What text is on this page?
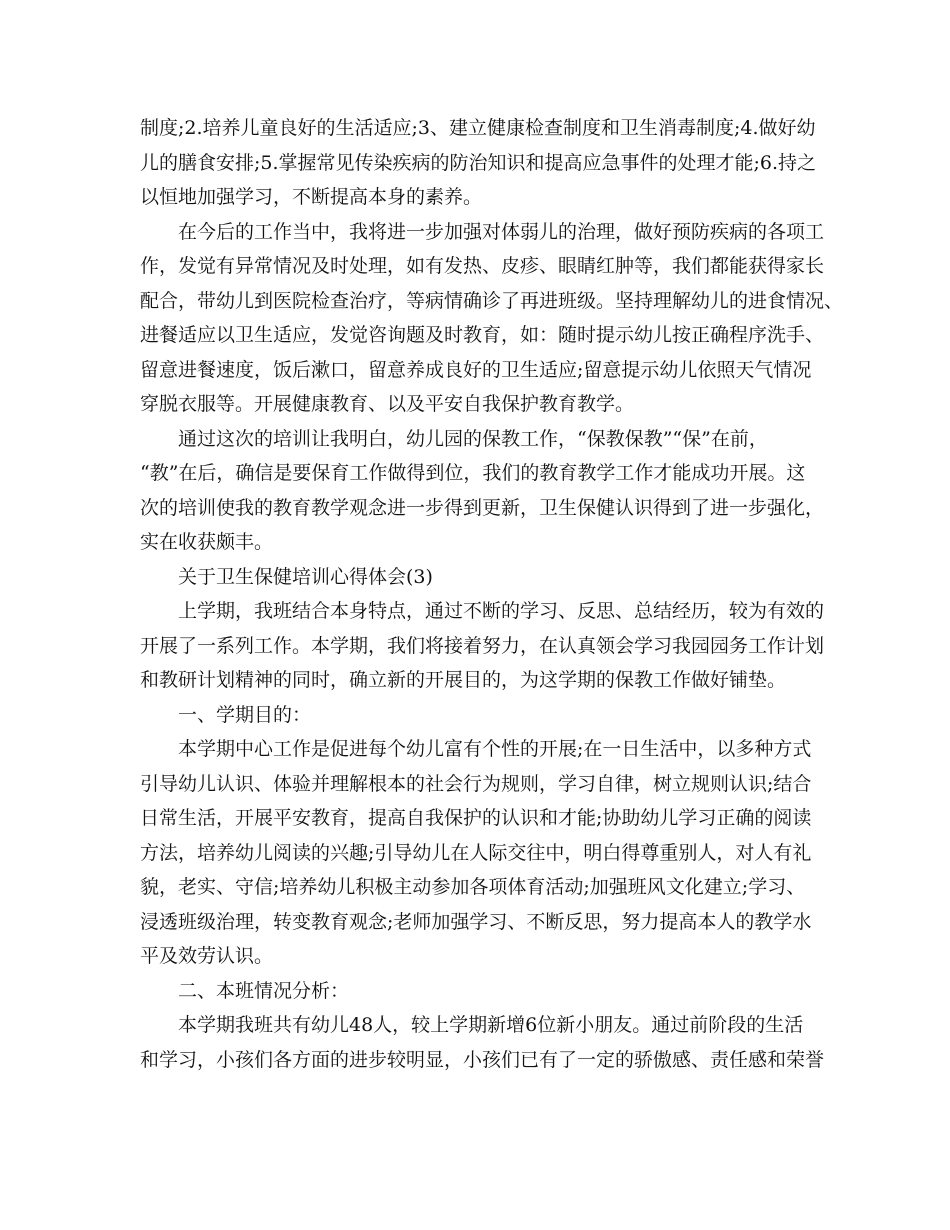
制度;2.培养儿童良好的生活适应;3、建立健康检查制度和卫生消毒制度;4.做好幼
儿的膳食安排;5.掌握常见传染疾病的防治知识和提高应急事件的处理才能;6.持之
以恒地加强学习，不断提高本身的素养。
在今后的工作当中，我将进一步加强对体弱儿的治理，做好预防疾病的各项工
作，发觉有异常情况及时处理，如有发热、皮疹、眼睛红肿等，我们都能获得家长
配合，带幼儿到医院检查治疗，等病情确诊了再进班级。坚持理解幼儿的进食情况、
进餐适应以卫生适应，发觉咨询题及时教育，如：随时提示幼儿按正确程序洗手、
留意进餐速度，饭后漱口，留意养成良好的卫生适应;留意提示幼儿依照天气情况
穿脱衣服等。开展健康教育、以及平安自我保护教育教学。
通过这次的培训让我明白，幼儿园的保教工作，“保教保教”“保”在前，
“教”在后，确信是要保育工作做得到位，我们的教育教学工作才能成功开展。这
次的培训使我的教育教学观念进一步得到更新，卫生保健认识得到了进一步强化，
实在收获颇丰。
关于卫生保健培训心得体会(3)
上学期，我班结合本身特点，通过不断的学习、反思、总结经历，较为有效的
开展了一系列工作。本学期，我们将接着努力，在认真领会学习我园园务工作计划
和教研计划精神的同时，确立新的开展目的，为这学期的保教工作做好铺垫。
一、学期目的：
本学期中心工作是促进每个幼儿富有个性的开展;在一日生活中，以多种方式
引导幼儿认识、体验并理解根本的社会行为规则，学习自律，树立规则认识;结合
日常生活，开展平安教育，提高自我保护的认识和才能;协助幼儿学习正确的阅读
方法，培养幼儿阅读的兴趣;引导幼儿在人际交往中，明白得尊重别人，对人有礼
貌，老实、守信;培养幼儿积极主动参加各项体育活动;加强班风文化建立;学习、
浸透班级治理，转变教育观念;老师加强学习、不断反思，努力提高本人的教学水
平及效劳认识。
二、本班情况分析：
本学期我班共有幼儿48人，较上学期新增6位新小朋友。通过前阶段的生活
和学习，小孩们各方面的进步较明显，小孩们已有了一定的骄傲感、责任感和荣誉
